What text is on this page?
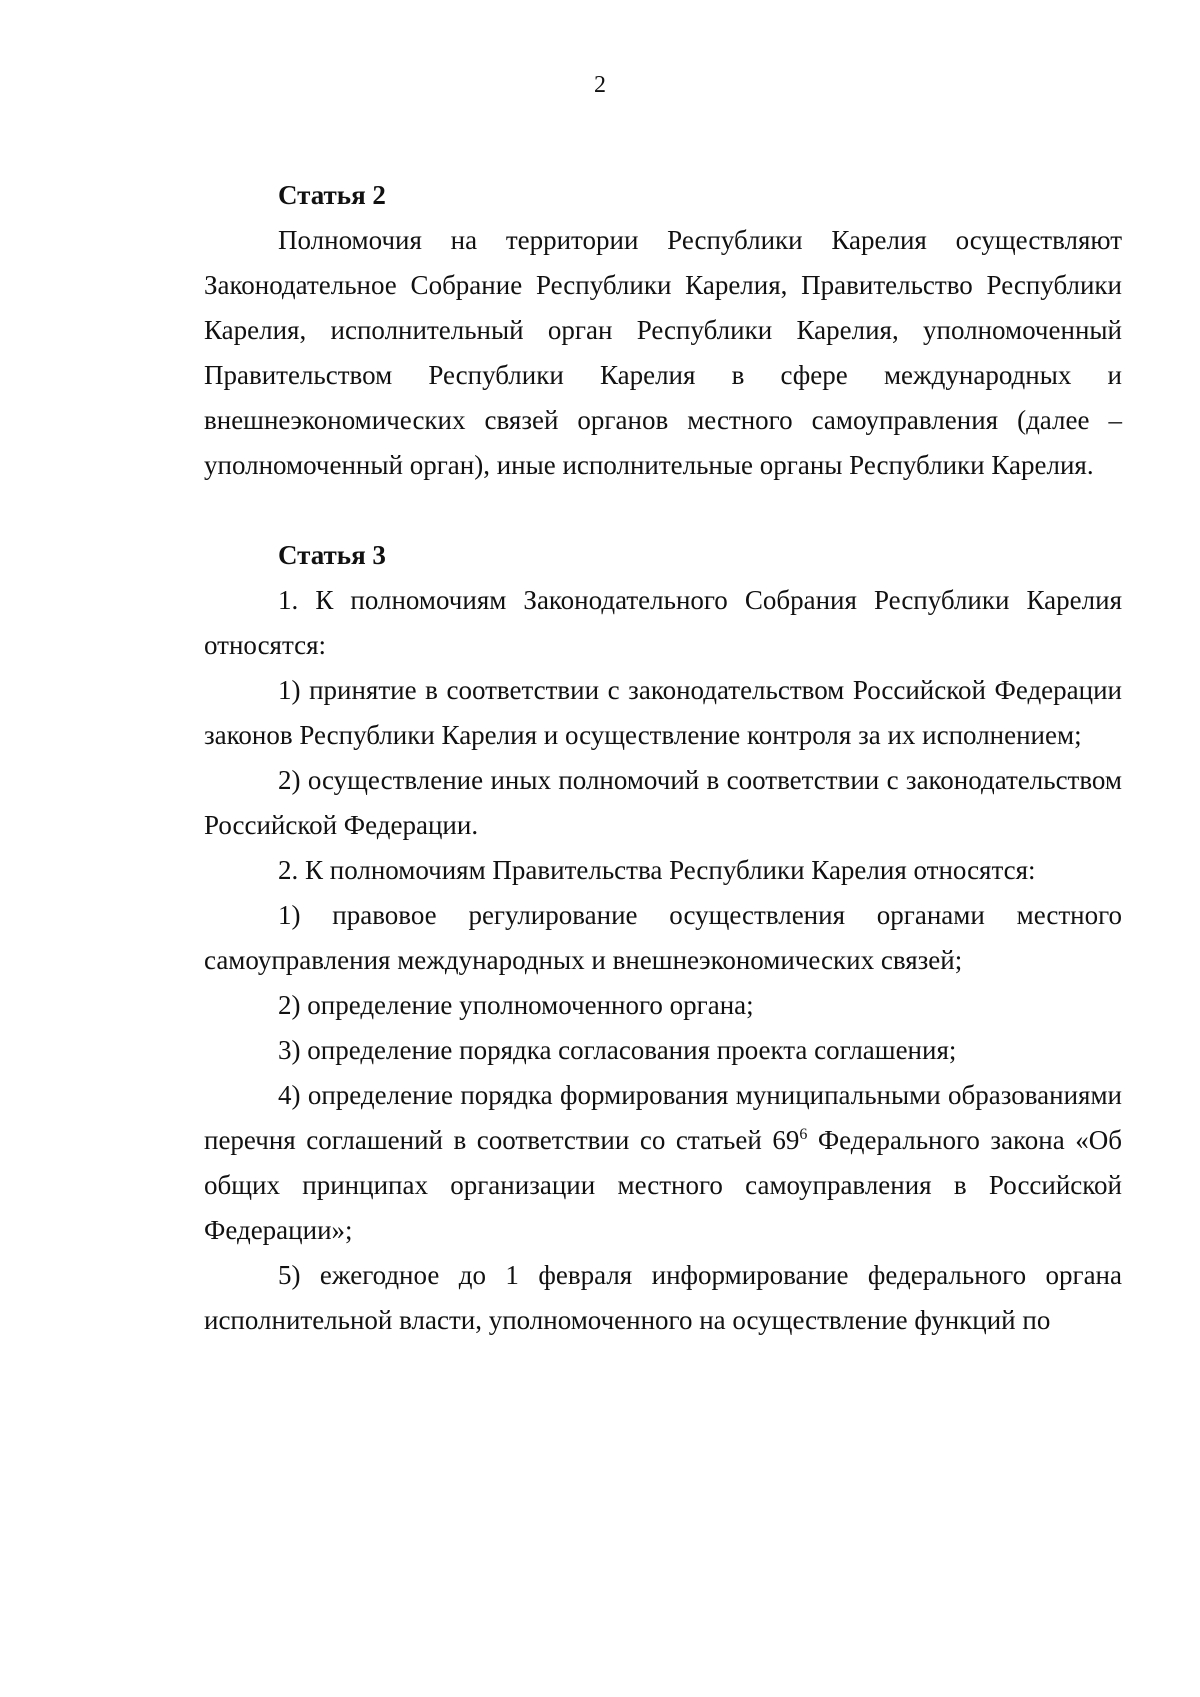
2

Статья 2

Полномочия на территории Республики Карелия осуществляют Законодательное Собрание Республики Карелия, Правительство Республики Карелия, исполнительный орган Республики Карелия, уполномоченный Правительством Республики Карелия в сфере международных и внешнеэкономических связей органов местного самоуправления (далее – уполномоченный орган), иные исполнительные органы Республики Карелия.

Статья 3

1. К полномочиям Законодательного Собрания Республики Карелия относятся:

1) принятие в соответствии с законодательством Российской Федерации законов Республики Карелия и осуществление контроля за их исполнением;

2) осуществление иных полномочий в соответствии с законодательством Российской Федерации.

2. К полномочиям Правительства Республики Карелия относятся:

1) правовое регулирование осуществления органами местного самоуправления международных и внешнеэкономических связей;

2) определение уполномоченного органа;

3) определение порядка согласования проекта соглашения;

4) определение порядка формирования муниципальными образованиями перечня соглашений в соответствии со статьей $69^6$ Федерального закона «Об общих принципах организации местного самоуправления в Российской Федерации»;

5) ежегодное до 1 февраля информирование федерального органа исполнительной власти, уполномоченного на осуществление функций по
